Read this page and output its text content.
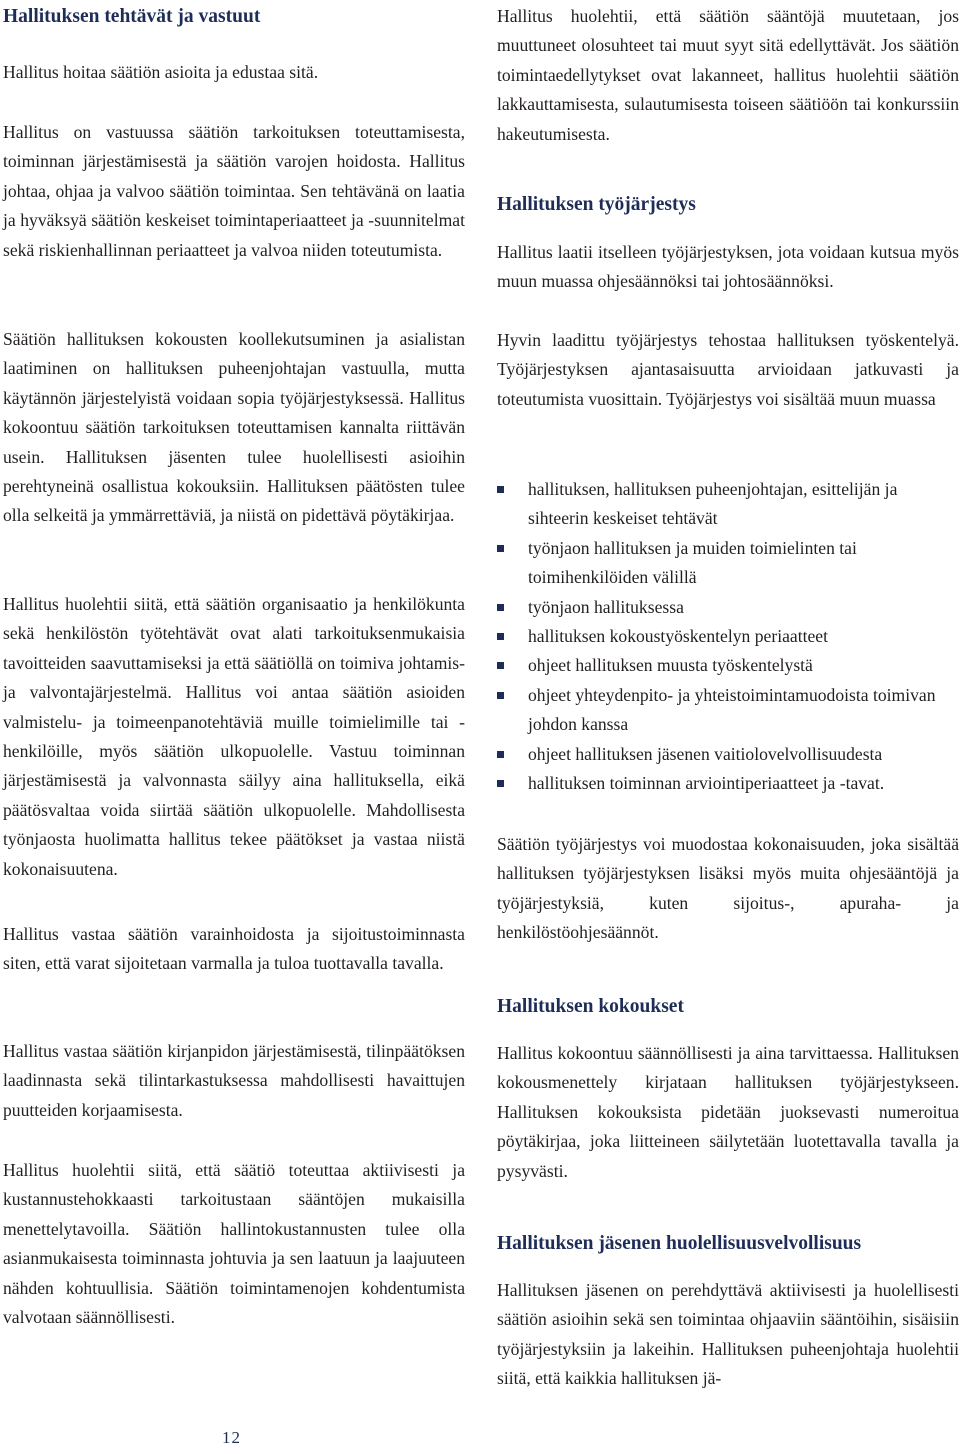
Hallituksen tehtävät ja vastuut

Hallitus hoitaa säätiön asioita ja edustaa sitä.

Hallitus on vastuussa säätiön tarkoituksen toteuttamisesta, toiminnan järjestämisestä ja säätiön varojen hoidosta. Hallitus johtaa, ohjaa ja valvoo säätiön toimintaa. Sen tehtävänä on laatia ja hyväksyä säätiön keskeiset toimintaperiaatteet ja -suunnitelmat sekä riskienhallinnan periaatteet ja valvoa niiden toteutumista.

Säätiön hallituksen kokousten koollekutsuminen ja asialistan laatiminen on hallituksen puheenjohtajan vastuulla, mutta käytännön järjestelyistä voidaan sopia työjärjestyksessä. Hallitus kokoontuu säätiön tarkoituksen toteuttamisen kannalta riittävän usein. Hallituksen jäsenten tulee huolellisesti asioihin perehtyneinä osallistua kokouksiin. Hallituksen päätösten tulee olla selkeitä ja ymmärrettäviä, ja niistä on pidettävä pöytäkirjaa.

Hallitus huolehtii siitä, että säätiön organisaatio ja henkilökunta sekä henkilöstön työtehtävät ovat alati tarkoituksenmukaisia tavoitteiden saavuttamiseksi ja että säätiöllä on toimiva johtamis- ja valvontajärjestelmä. Hallitus voi antaa säätiön asioiden valmistelu- ja toimeenpanotehtäviä muille toimielimille tai -henkilöille, myös säätiön ulkopuolelle. Vastuu toiminnan järjestämisestä ja valvonnasta säilyy aina hallituksella, eikä päätösvaltaa voida siirtää säätiön ulkopuolelle. Mahdollisesta työnjaosta huolimatta hallitus tekee päätökset ja vastaa niistä kokonaisuutena.

Hallitus vastaa säätiön varainhoidosta ja sijoitustoiminnasta siten, että varat sijoitetaan varmalla ja tuloa tuottavalla tavalla.

Hallitus vastaa säätiön kirjanpidon järjestämisestä, tilinpäätöksen laadinnasta sekä tilintarkastuksessa mahdollisesti havaittujen puutteiden korjaamisesta.

Hallitus huolehtii siitä, että säätiö toteuttaa aktiivisesti ja kustannustehokkaasti tarkoitustaan sääntöjen mukaisilla menettelytavoilla. Säätiön hallintokustannusten tulee olla asianmukaisesta toiminnasta johtuvia ja sen laatuun ja laajuuteen nähden kohtuullisia. Säätiön toimintamenojen kohdentumista valvotaan säännöllisesti.

Hallitus huolehtii, että säätiön sääntöjä muutetaan, jos muuttuneet olosuhteet tai muut syyt sitä edellyttävät. Jos säätiön toimintaedellytykset ovat lakanneet, hallitus huolehtii säätiön lakkauttamisesta, sulautumisesta toiseen säätiöön tai konkurssiin hakeutumisesta.

Hallituksen työjärjestys

Hallitus laatii itselleen työjärjestyksen, jota voidaan kutsua myös muun muassa ohjesäännöksi tai johtosäännöksi.

Hyvin laadittu työjärjestys tehostaa hallituksen työskentelyä. Työjärjestyksen ajantasaisuutta arvioidaan jatkuvasti ja toteutumista vuosittain. Työjärjestys voi sisältää muun muassa

hallituksen, hallituksen puheenjohtajan, esittelijän ja sihteerin keskeiset tehtävät
työnjaon hallituksen ja muiden toimielinten tai toimihenkilöiden välillä
työnjaon hallituksessa
hallituksen kokoustyöskentelyn periaatteet
ohjeet hallituksen muusta työskentelystä
ohjeet yhteydenpito- ja yhteistoimintamuodoista toimivan johdon kanssa
ohjeet hallituksen jäsenen vaitiolovelvollisuudesta
hallituksen toiminnan arviointiperiaatteet ja -tavat.

Säätiön työjärjestys voi muodostaa kokonaisuuden, joka sisältää hallituksen työjärjestyksen lisäksi myös muita ohjesääntöjä ja työjärjestyksiä, kuten sijoitus-, apuraha- ja henkilöstöohjesäännöt.

Hallituksen kokoukset

Hallitus kokoontuu säännöllisesti ja aina tarvittaessa. Hallituksen kokousmenettely kirjataan hallituksen työjärjestykseen. Hallituksen kokouksista pidetään juoksevasti numeroitua pöytäkirjaa, joka liitteineen säilytetään luotettavalla tavalla ja pysyvästi.

Hallituksen jäsenen huolellisuusvelvollisuus

Hallituksen jäsenen on perehdyttävä aktiivisesti ja huolellisesti säätiön asioihin sekä sen toimintaa ohjaaviin sääntöihin, sisäisiin työjärjestyksiin ja lakeihin. Hallituksen puheenjohtaja huolehtii siitä, että kaikkia hallituksen jä-

12
